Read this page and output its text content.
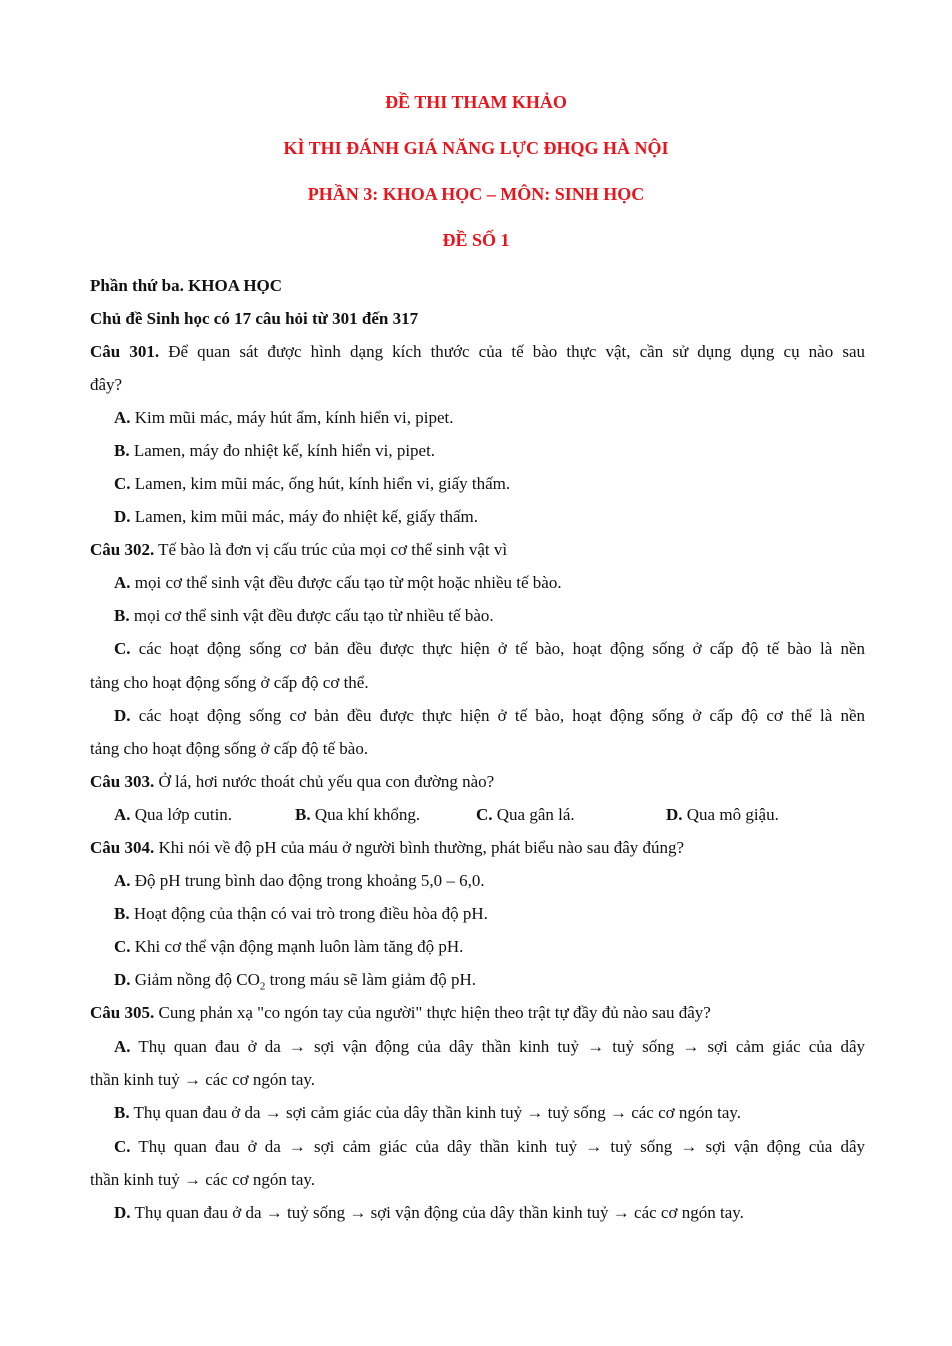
ĐỀ THI THAM KHẢO
KÌ THI ĐÁNH GIÁ NĂNG LỰC ĐHQG HÀ NỘI
PHẦN 3: KHOA HỌC – MÔN: SINH HỌC
ĐỀ SỐ 1
Phần thứ ba. KHOA HỌC
Chủ đề Sinh học có 17 câu hỏi từ 301 đến 317
Câu 301. Để quan sát được hình dạng kích thước của tế bào thực vật, cần sử dụng dụng cụ nào sau
đây?
A. Kim mũi mác, máy hút ẩm, kính hiển vi, pipet.
B. Lamen, máy đo nhiệt kế, kính hiển vi, pipet.
C. Lamen, kim mũi mác, ống hút, kính hiển vi, giấy thấm.
D. Lamen, kim mũi mác, máy đo nhiệt kế, giấy thấm.
Câu 302. Tế bào là đơn vị cấu trúc của mọi cơ thể sinh vật vì
A. mọi cơ thể sinh vật đều được cấu tạo từ một hoặc nhiều tế bào.
B. mọi cơ thể sinh vật đều được cấu tạo từ nhiều tế bào.
C. các hoạt động sống cơ bản đều được thực hiện ở tế bào, hoạt động sống ở cấp độ tế bào là nền
tảng cho hoạt động sống ở cấp độ cơ thể.
D. các hoạt động sống cơ bản đều được thực hiện ở tế bào, hoạt động sống ở cấp độ cơ thể là nền
tảng cho hoạt động sống ở cấp độ tế bào.
Câu 303. Ở lá, hơi nước thoát chủ yếu qua con đường nào?
A. Qua lớp cutin.	B. Qua khí khổng.	C. Qua gân lá.	D. Qua mô giậu.
Câu 304. Khi nói về độ pH của máu ở người bình thường, phát biểu nào sau đây đúng?
A. Độ pH trung bình dao động trong khoảng 5,0 – 6,0.
B. Hoạt động của thận có vai trò trong điều hòa độ pH.
C. Khi cơ thể vận động mạnh luôn làm tăng độ pH.
D. Giảm nồng độ $CO_2$ trong máu sẽ làm giảm độ pH.
Câu 305. Cung phản xạ "co ngón tay của người" thực hiện theo trật tự đầy đủ nào sau đây?
A. Thụ quan đau ở da → sợi vận động của dây thần kinh tuỷ → tuỷ sống → sợi cảm giác của dây
thần kinh tuỷ → các cơ ngón tay.
B. Thụ quan đau ở da → sợi cảm giác của dây thần kinh tuỷ → tuỷ sống → các cơ ngón tay.
C. Thụ quan đau ở da → sợi cảm giác của dây thần kinh tuỷ → tuỷ sống → sợi vận động của dây
thần kinh tuỷ → các cơ ngón tay.
D. Thụ quan đau ở da → tuỷ sống → sợi vận động của dây thần kinh tuỷ → các cơ ngón tay.
